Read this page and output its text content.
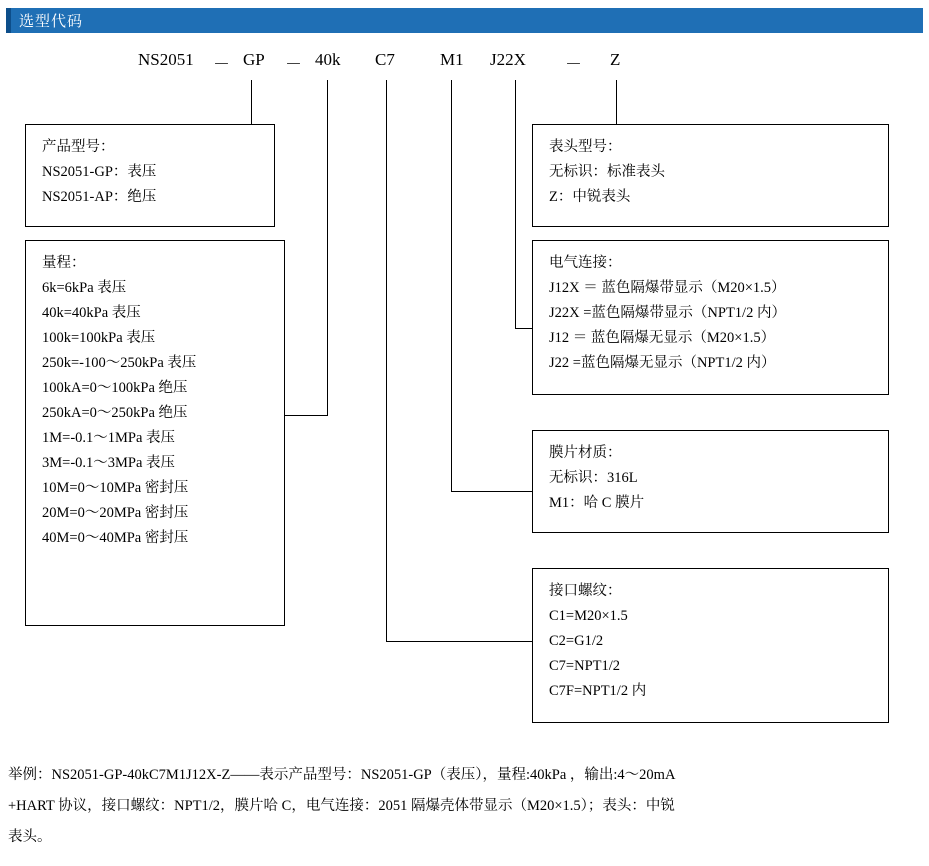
选型代码
NS2051 － GP － 40k C7	M1 J22X － Z
产品型号：
NS2051-GP：表压
NS2051-AP：绝压
量程：
6k=6kPa 表压
40k=40kPa 表压
100k=100kPa 表压
250k=-100～250kPa 表压
100kA=0～100kPa 绝压
250kA=0～250kPa 绝压
1M=-0.1～1MPa 表压
3M=-0.1～3MPa 表压
10M=0～10MPa 密封压
20M=0～20MPa 密封压
40M=0～40MPa 密封压
表头型号：
无标识：标准表头
Z：中锐表头
电气连接：
J12X ＝ 蓝色隔爆带显示（M20×1.5）
J22X =蓝色隔爆带显示（NPT1/2 内）
J12 ＝ 蓝色隔爆无显示（M20×1.5）
J22 =蓝色隔爆无显示（NPT1/2 内）
膜片材质：
无标识：316L
M1：哈 C 膜片
接口螺纹：
C1=M20×1.5
C2=G1/2
C7=NPT1/2
C7F=NPT1/2 内
举例：NS2051-GP-40kC7M1J12X-Z——表示产品型号：NS2051-GP（表压），量程:40kPa ，输出:4～20mA
+HART 协议，接口螺纹：NPT1/2，膜片哈 C，电气连接：2051 隔爆壳体带显示（M20×1.5）；表头：中锐
表头。
